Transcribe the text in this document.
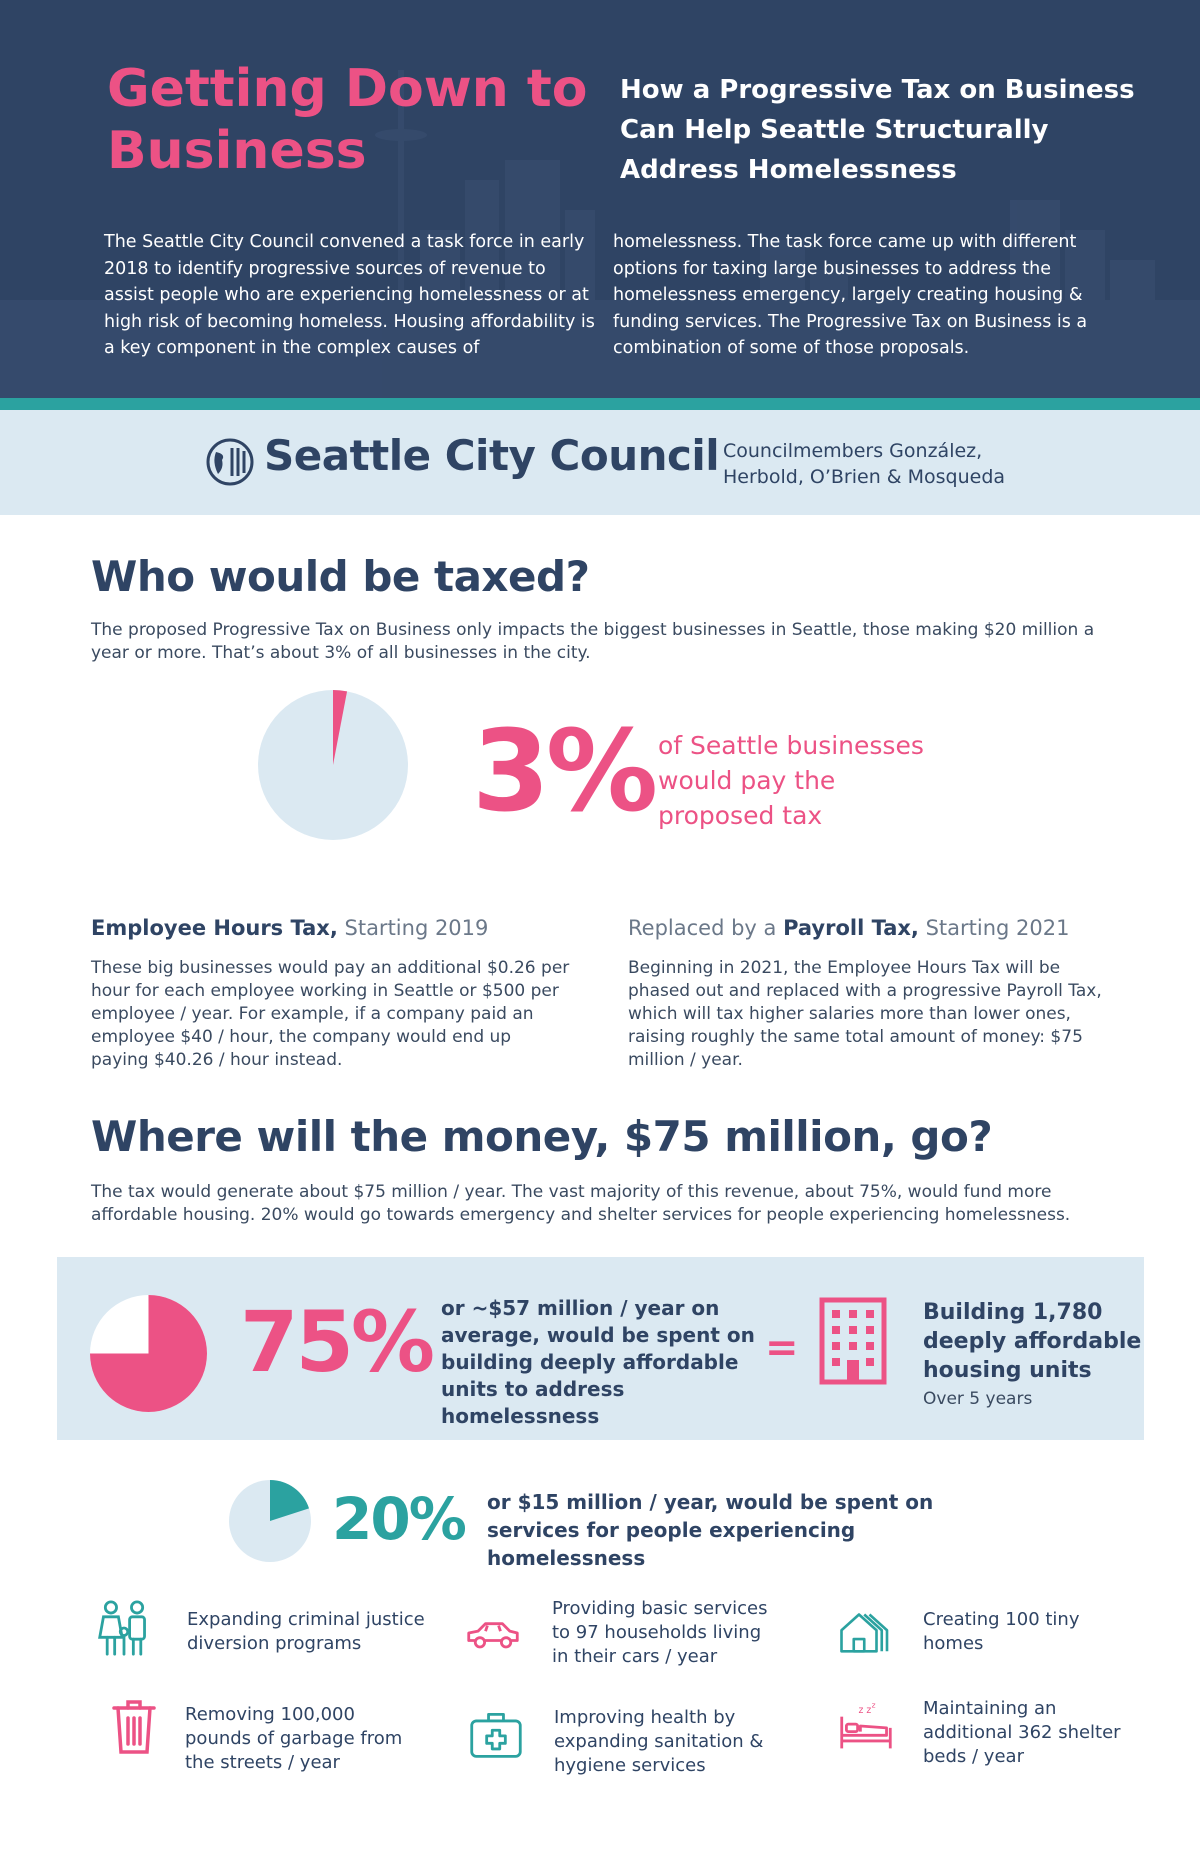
Getting Down to Business
How a Progressive Tax on Business Can Help Seattle Structurally Address Homelessness
The Seattle City Council convened a task force in early 2018 to identify progressive sources of revenue to assist people who are experiencing homelessness or at high risk of becoming homeless. Housing affordability is a key component in the complex causes of
homelessness. The task force came up with different options for taxing large businesses to address the homelessness emergency, largely creating housing & funding services. The Progressive Tax on Business is a combination of some of those proposals.
Seattle City Council Councilmembers González, Herbold, O’Brien & Mosqueda
Who would be taxed?
The proposed Progressive Tax on Business only impacts the biggest businesses in Seattle, those making $20 million a year or more. That’s about 3% of all businesses in the city.
3% of Seattle businesses would pay the proposed tax
Employee Hours Tax, Starting 2019
These big businesses would pay an additional $0.26 per hour for each employee working in Seattle or $500 per employee / year. For example, if a company paid an employee $40 / hour, the company would end up paying $40.26 / hour instead.
Replaced by a Payroll Tax, Starting 2021
Beginning in 2021, the Employee Hours Tax will be phased out and replaced with a progressive Payroll Tax, which will tax higher salaries more than lower ones, raising roughly the same total amount of money: $75 million / year.
Where will the money, $75 million, go?
The tax would generate about $75 million / year. The vast majority of this revenue, about 75%, would fund more affordable housing. 20% would go towards emergency and shelter services for people experiencing homelessness.
75% or ~$57 million / year on average, would be spent on building deeply affordable units to address homelessness
=
Building 1,780 deeply affordable housing units
Over 5 years
20% or $15 million / year, would be spent on services for people experiencing homelessness
Expanding criminal justice diversion programs
Providing basic services to 97 households living in their cars / year
Creating 100 tiny homes
Removing 100,000 pounds of garbage from the streets / year
Improving health by expanding sanitation & hygiene services
z z
z	Maintaining an additional 362 shelter beds / year
